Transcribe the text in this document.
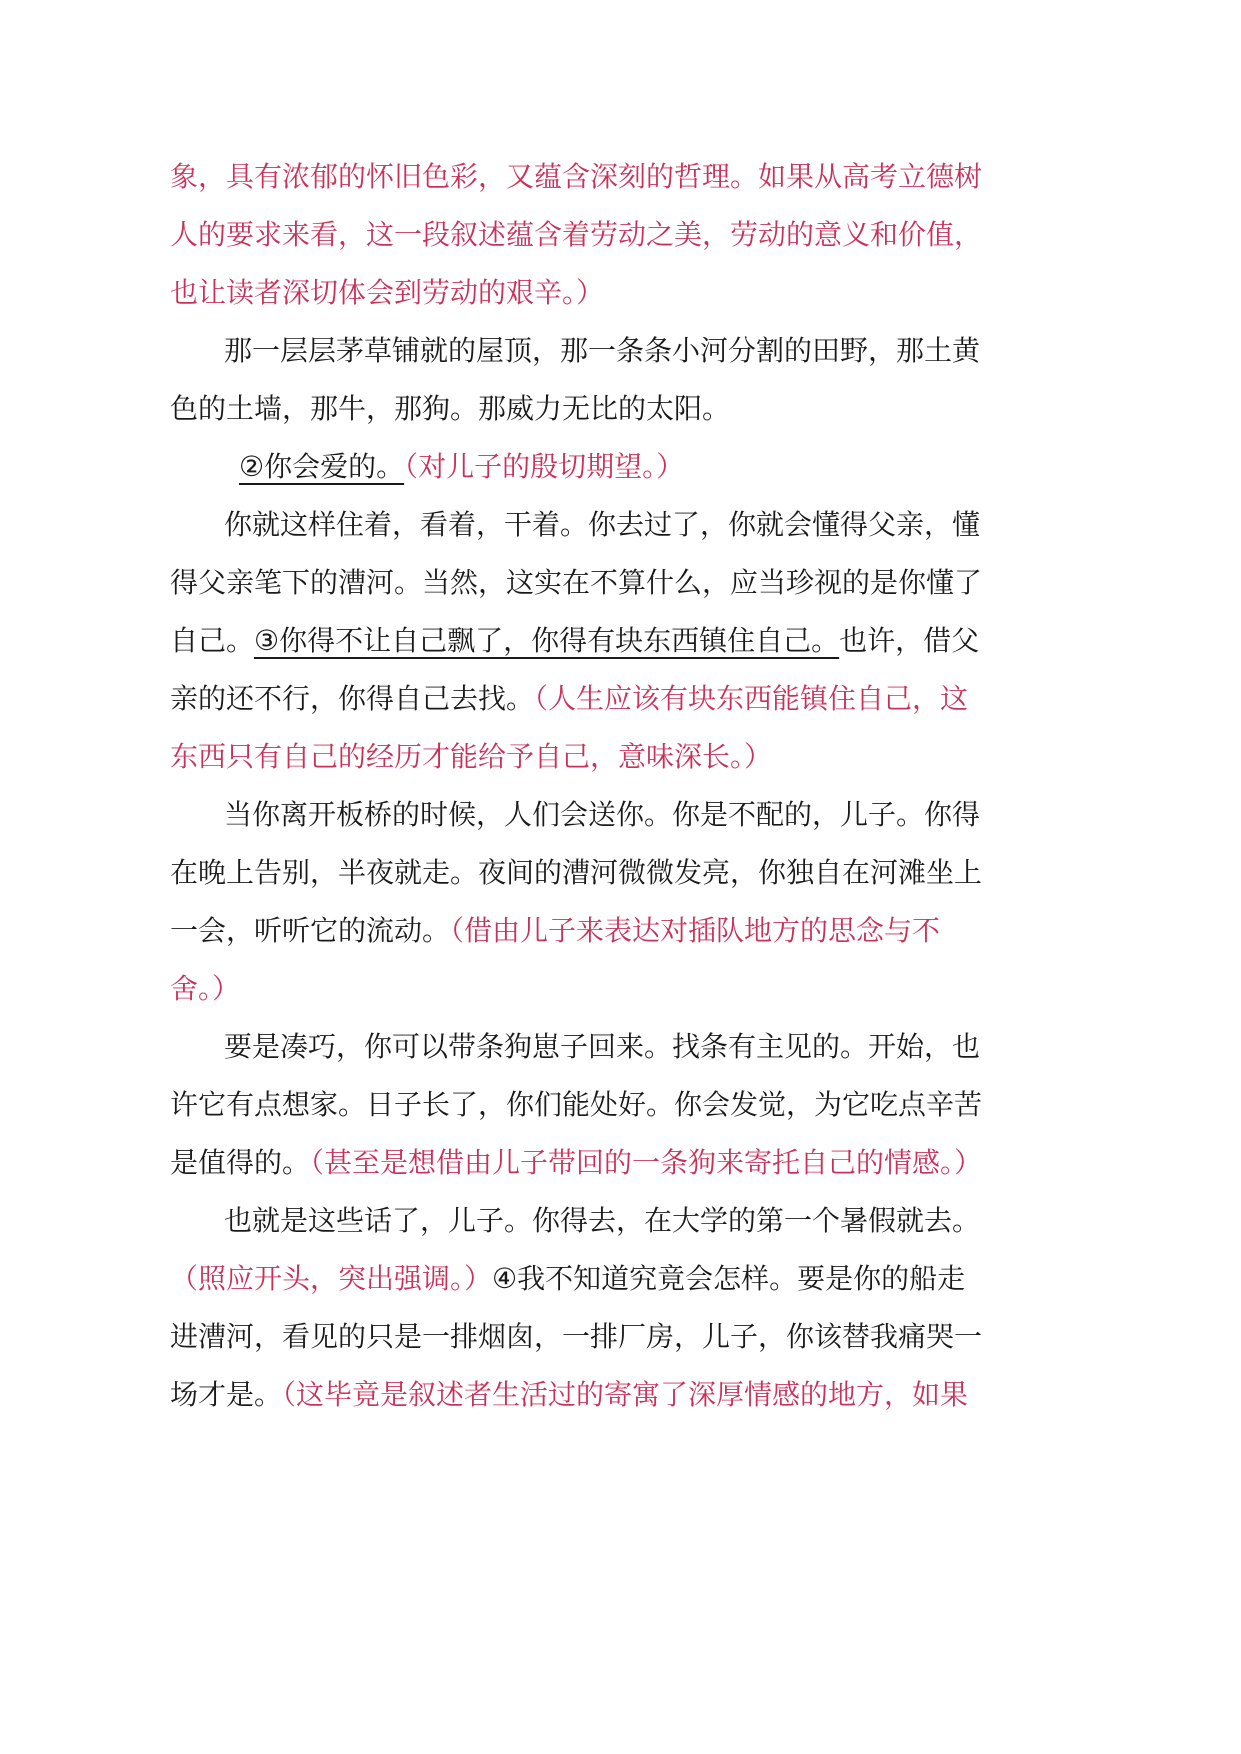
象，具有浓郁的怀旧色彩，又蕴含深刻的哲理。如果从高考立德树
人的要求来看，这一段叙述蕴含着劳动之美，劳动的意义和价值，
也让读者深切体会到劳动的艰辛。）
那一层层茅草铺就的屋顶，那一条条小河分割的田野，那土黄
色的土墙，那牛，那狗。那威力无比的太阳。
②你会爱的。（对儿子的殷切期望。）
你就这样住着，看着，干着。你去过了，你就会懂得父亲，懂
得父亲笔下的漕河。当然，这实在不算什么，应当珍视的是你懂了
自己。③你得不让自己飘了，你得有块东西镇住自己。也许，借父
亲的还不行，你得自己去找。（人生应该有块东西能镇住自己，这
东西只有自己的经历才能给予自己，意味深长。）
当你离开板桥的时候，人们会送你。你是不配的，儿子。你得
在晚上告别，半夜就走。夜间的漕河微微发亮，你独自在河滩坐上
一会，听听它的流动。（借由儿子来表达对插队地方的思念与不
舍。）
要是凑巧，你可以带条狗崽子回来。找条有主见的。开始，也
许它有点想家。日子长了，你们能处好。你会发觉，为它吃点辛苦
是值得的。（甚至是想借由儿子带回的一条狗来寄托自己的情感。）
也就是这些话了，儿子。你得去，在大学的第一个暑假就去。
（照应开头，突出强调。）④我不知道究竟会怎样。要是你的船走
进漕河，看见的只是一排烟囱，一排厂房，儿子，你该替我痛哭一
场才是。（这毕竟是叙述者生活过的寄寓了深厚情感的地方，如果
